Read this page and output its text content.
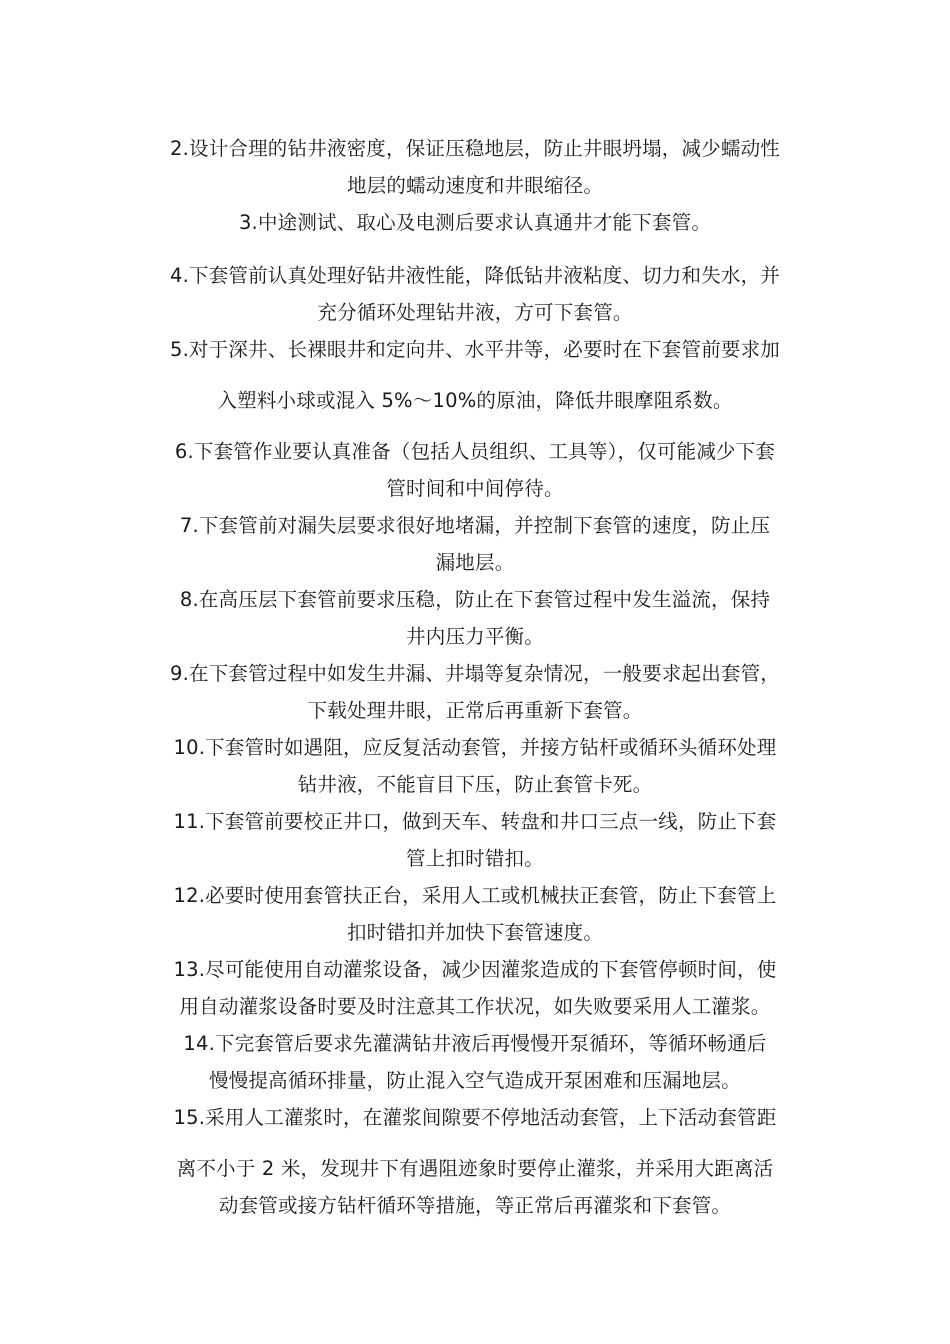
2.设计合理的钻井液密度，保证压稳地层，防止井眼坍塌，减少蠕动性
地层的蠕动速度和井眼缩径。

3.中途测试、取心及电测后要求认真通井才能下套管。

4.下套管前认真处理好钻井液性能，降低钻井液粘度、切力和失水，并
充分循环处理钻井液，方可下套管。

5.对于深井、长裸眼井和定向井、水平井等，必要时在下套管前要求加
入塑料小球或混入 5%～10%的原油，降低井眼摩阻系数。

6.下套管作业要认真准备（包括人员组织、工具等），仅可能减少下套
管时间和中间停待。

7.下套管前对漏失层要求很好地堵漏，并控制下套管的速度，防止压
漏地层。

8.在高压层下套管前要求压稳，防止在下套管过程中发生溢流，保持
井内压力平衡。

9.在下套管过程中如发生井漏、井塌等复杂情况，一般要求起出套管，
下载处理井眼，正常后再重新下套管。

10.下套管时如遇阻，应反复活动套管，并接方钻杆或循环头循环处理
钻井液，不能盲目下压，防止套管卡死。

11.下套管前要校正井口，做到天车、转盘和井口三点一线，防止下套
管上扣时错扣。

12.必要时使用套管扶正台，采用人工或机械扶正套管，防止下套管上
扣时错扣并加快下套管速度。

13.尽可能使用自动灌浆设备，减少因灌浆造成的下套管停顿时间，使
用自动灌浆设备时要及时注意其工作状况，如失败要采用人工灌浆。

14.下完套管后要求先灌满钻井液后再慢慢开泵循环，等循环畅通后
慢慢提高循环排量，防止混入空气造成开泵困难和压漏地层。

15.采用人工灌浆时，在灌浆间隙要不停地活动套管，上下活动套管距
离不小于 2 米，发现井下有遇阻迹象时要停止灌浆，并采用大距离活
动套管或接方钻杆循环等措施，等正常后再灌浆和下套管。
